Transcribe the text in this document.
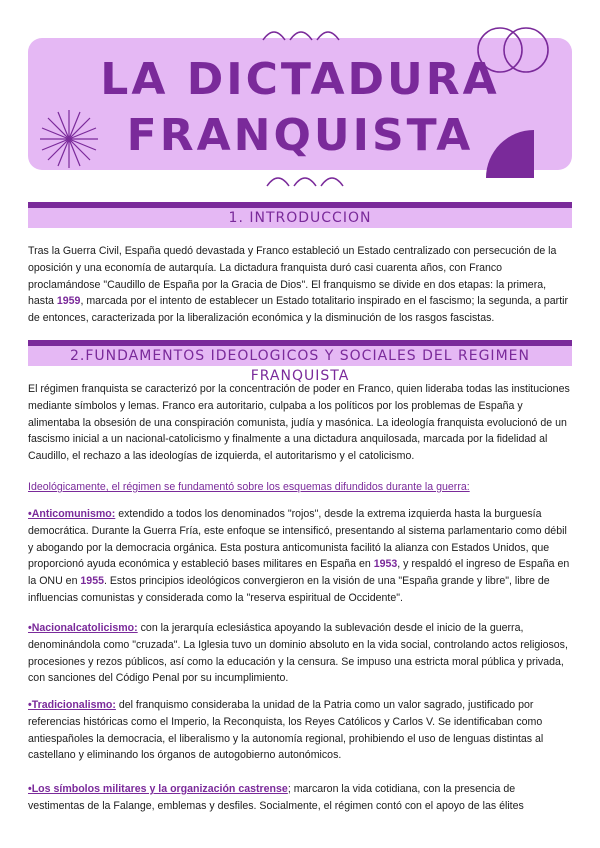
LA DICTADURA
FRANQUISTA
1. INTRODUCCION

Tras la Guerra Civil, España quedó devastada y Franco estableció un Estado centralizado con persecución de la oposición y una economía de autarquía. La dictadura franquista duró casi cuarenta años, con Franco proclamándose "Caudillo de España por la Gracia de Dios". El franquismo se divide en dos etapas: la primera, hasta 1959, marcada por el intento de establecer un Estado totalitario inspirado en el fascismo; la segunda, a partir de entonces, caracterizada por la liberalización económica y la disminución de los rasgos fascistas.

2.FUNDAMENTOS IDEOLOGICOS Y SOCIALES DEL REGIMEN FRANQUISTA

El régimen franquista se caracterizó por la concentración de poder en Franco, quien lideraba todas las instituciones mediante símbolos y lemas. Franco era autoritario, culpaba a los políticos por los problemas de España y alimentaba la obsesión de una conspiración comunista, judía y masónica. La ideología franquista evolucionó de un fascismo inicial a un nacional-catolicismo y finalmente a una dictadura anquilosada, marcada por la fidelidad al Caudillo, el rechazo a las ideologías de izquierda, el autoritarismo y el catolicismo.

Ideológicamente, el régimen se fundamentó sobre los esquemas difundidos durante la guerra:

•Anticomunismo: extendido a todos los denominados "rojos", desde la extrema izquierda hasta la burguesía democrática. Durante la Guerra Fría, este enfoque se intensificó, presentando al sistema parlamentario como débil y abogando por la democracia orgánica. Esta postura anticomunista facilitó la alianza con Estados Unidos, que proporcionó ayuda económica y estableció bases militares en España en 1953, y respaldó el ingreso de España en la ONU en 1955. Estos principios ideológicos convergieron en la visión de una "España grande y libre", libre de influencias comunistas y considerada como la "reserva espiritual de Occidente".

•Nacionalcatolicismo: con la jerarquía eclesiástica apoyando la sublevación desde el inicio de la guerra, denominándola como "cruzada". La Iglesia tuvo un dominio absoluto en la vida social, controlando actos religiosos, procesiones y rezos públicos, así como la educación y la censura. Se impuso una estricta moral pública y privada, con sanciones del Código Penal por su incumplimiento.

•Tradicionalismo: del franquismo consideraba la unidad de la Patria como un valor sagrado, justificado por referencias históricas como el Imperio, la Reconquista, los Reyes Católicos y Carlos V. Se identificaban como antiespañoles la democracia, el liberalismo y la autonomía regional, prohibiendo el uso de lenguas distintas al castellano y eliminando los órganos de autogobierno autonómicos.

•Los símbolos militares y la organización castrense; marcaron la vida cotidiana, con la presencia de vestimentas de la Falange, emblemas y desfiles. Socialmente, el régimen contó con el apoyo de las élites
